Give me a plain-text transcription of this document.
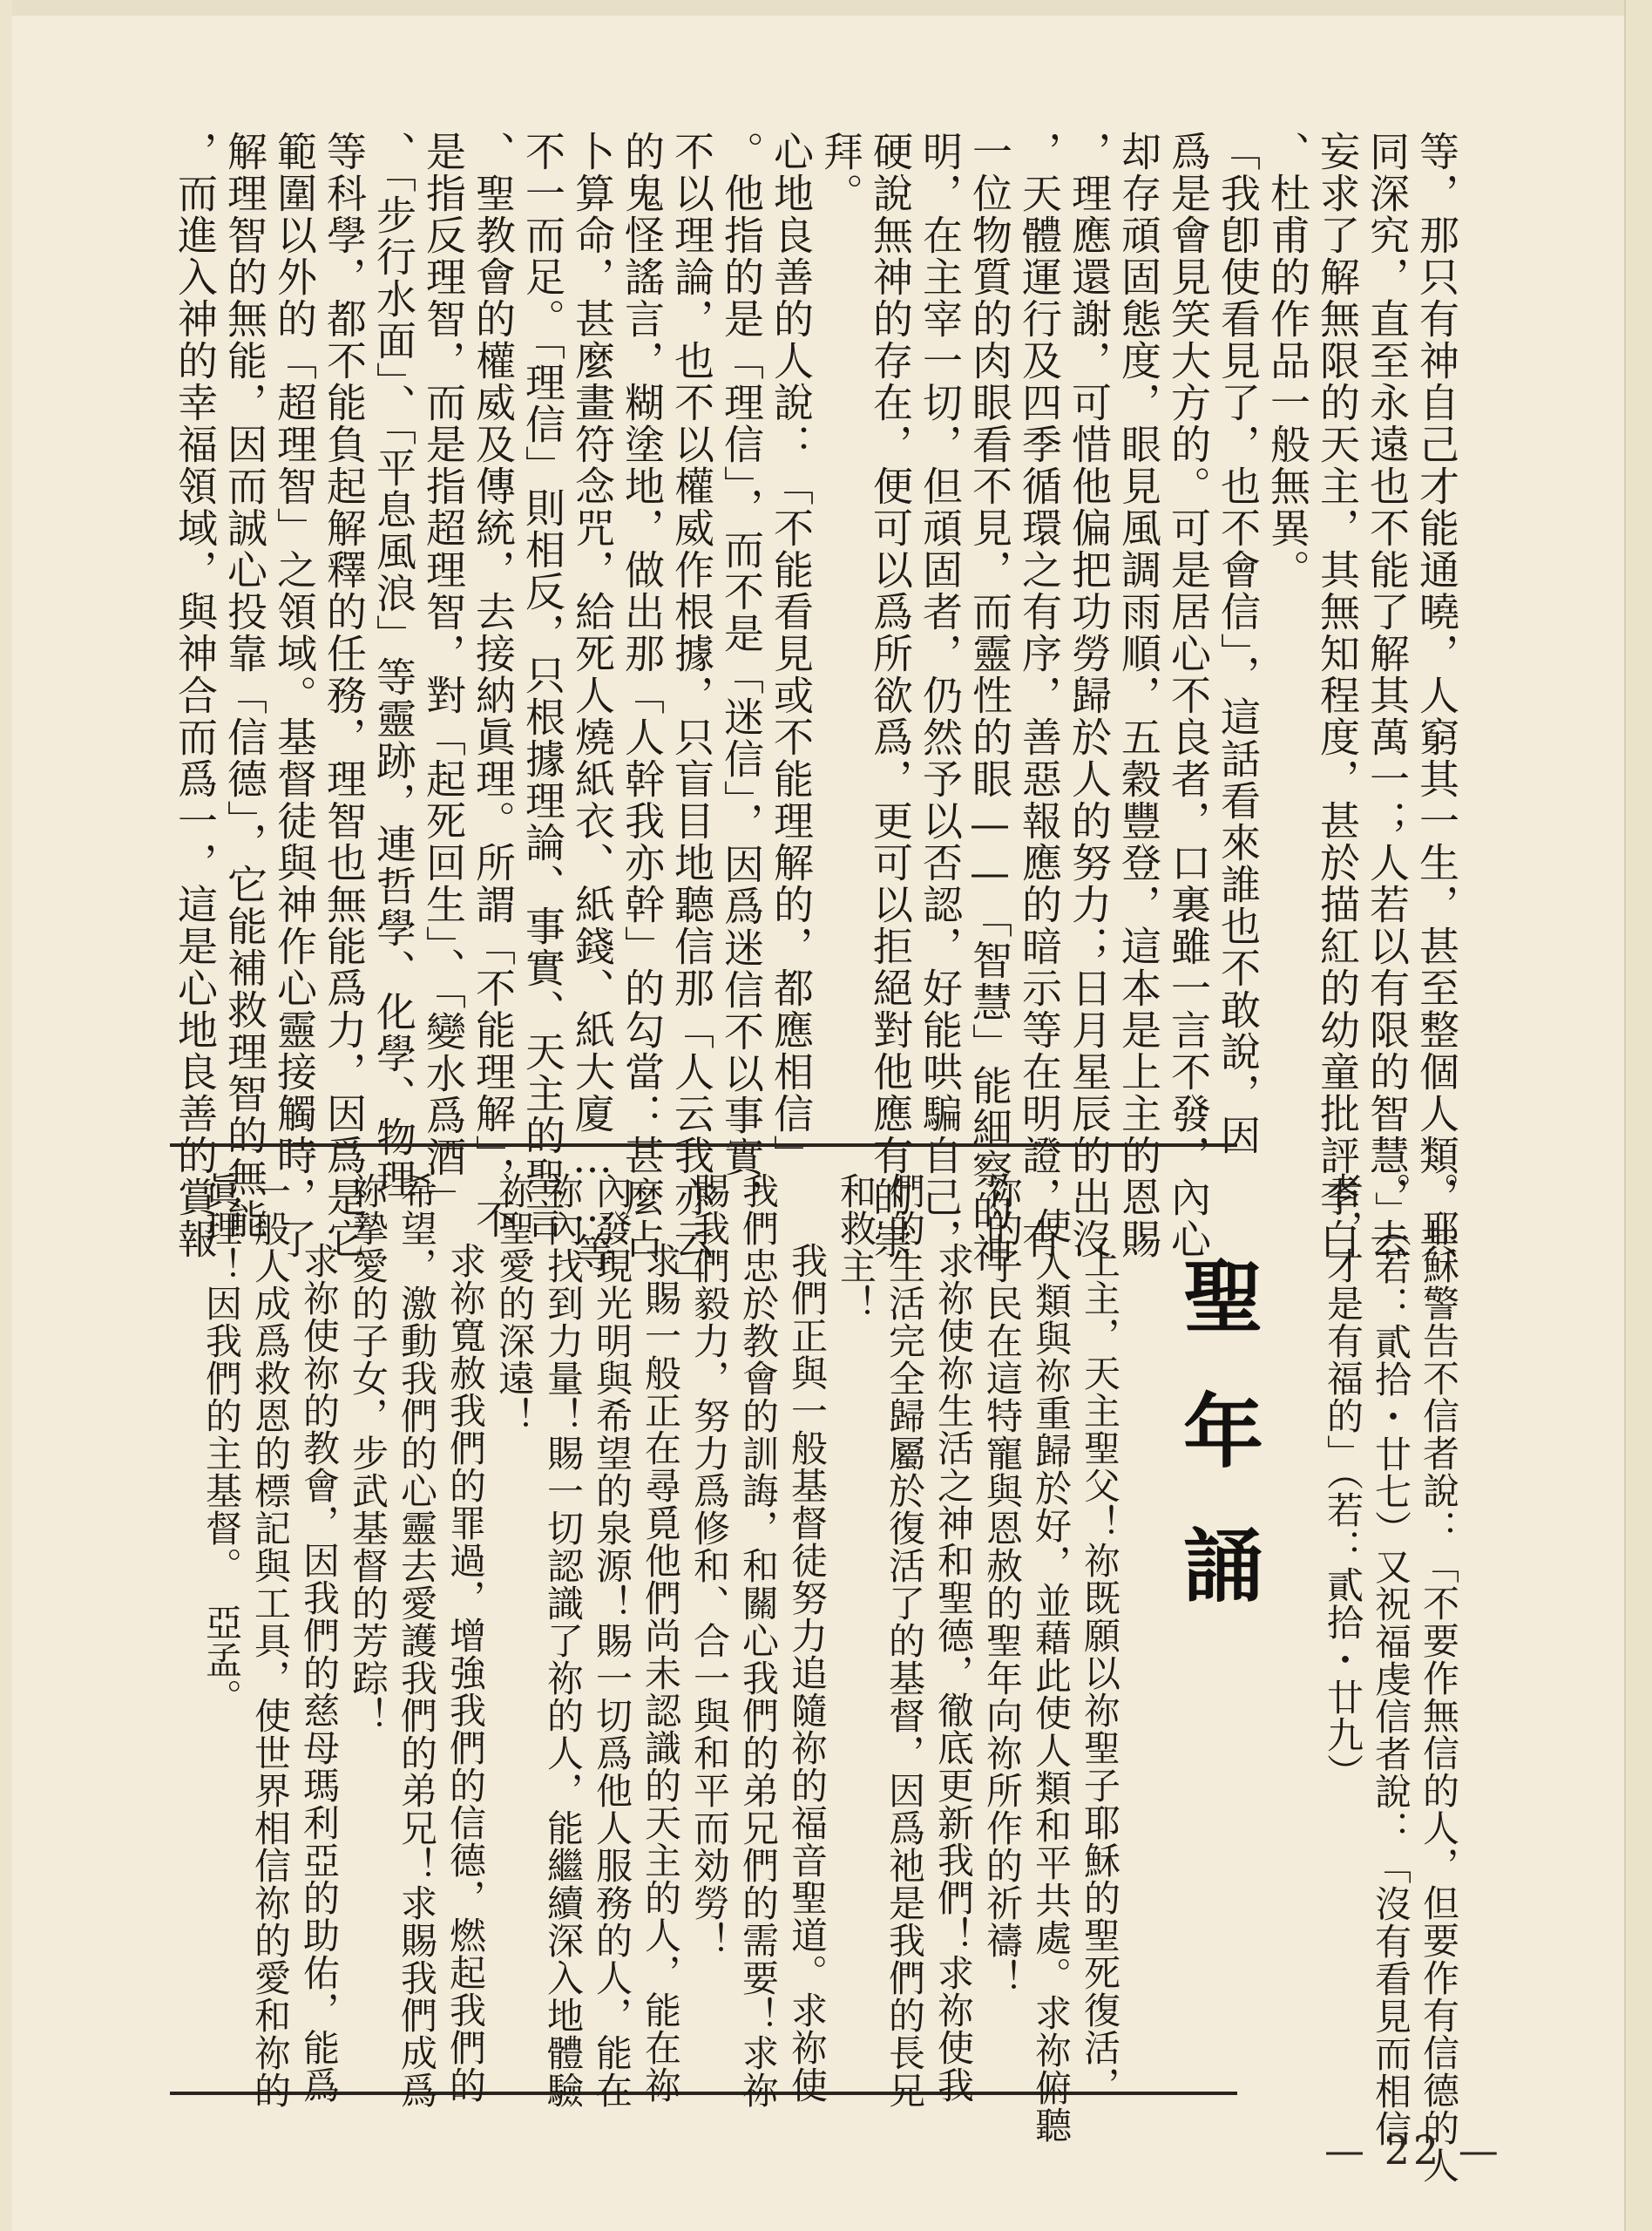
等，那只有神自己才能通曉，人窮其一生，甚至整個人類，共
同深究，直至永遠也不能了解其萬一；人若以有限的智慧，去
妄求了解無限的天主，其無知程度，甚於描紅的幼童批評李白
、杜甫的作品一般無異。
「我卽使看見了，也不會信」，這話看來誰也不敢說，因
爲是會見笑大方的。可是居心不良者，口裏雖一言不發，內心
却存頑固態度，眼見風調雨順，五穀豐登，這本是上主的恩賜
，理應還謝，可惜他偏把功勞歸於人的努力；日月星辰的出沒
，天體運行及四季循環之有序，善惡報應的暗示等在明證，有
一位物質的肉眼看不見，而靈性的眼——「智慧」能細察的神
明，在主宰一切，但頑固者，仍然予以否認，好能哄騙自己，
硬說無神的存在，便可以爲所欲爲，更可以拒絕對他應有的崇
拜。
心地良善的人說：「不能看見或不能理解的，都應相信」
。他指的是「理信」，而不是「迷信」，因爲迷信不以事實，
不以理論，也不以權威作根據，只盲目地聽信那「人云我亦云」
的鬼怪謠言，糊塗地，做出那「人幹我亦幹」的勾當：甚麼占
卜算命，甚麼畫符念咒，給死人燒紙衣、紙錢、紙大廈……等
不一而足。「理信」則相反，只根據理論、事實、天主的聖言
、聖教會的權威及傳統，去接納眞理。所謂「不能理解」，不
是指反理智，而是指超理智，對「起死回生」、「變水爲酒」
、「步行水面」、「平息風浪」等靈跡，連哲學、化學、物理
等科學，都不能負起解釋的任務，理智也無能爲力，因爲是它
範圍以外的「超理智」之領域。基督徒與神作心靈接觸時，了
解理智的無能，因而誠心投靠「信德」，它能補救理智的無能
，而進入神的幸福領域，與神合而爲一，這是心地良善的賞報
。耶穌警告不信者說：「不要作無信的人，但要作有信德的人
。」（若：貳拾・廿七）又祝福虔信者說：「沒有看見而相信
者，才是有福的」（若：貳拾・廿九）
聖年誦
上主，天主聖父！祢既願以祢聖子耶穌的聖死復活，
使人類與祢重歸於好，並藉此使人類和平共處。求祢俯聽
祢的子民在這特寵與恩赦的聖年向祢所作的祈禱！
求祢使祢生活之神和聖德，徹底更新我們！求祢使我
們的生活完全歸屬於復活了的基督，因爲祂是我們的長兄
和救主！
我們正與一般基督徒努力追隨祢的福音聖道。求祢使
我們忠於教會的訓誨，和關心我們的弟兄們的需要！求祢
賜我們毅力，努力爲修和、合一與和平而効勞！
求賜一般正在尋覓他們尚未認識的天主的人，能在祢
內發現光明與希望的泉源！賜一切爲他人服務的人，能在
祢內找到力量！賜一切認識了祢的人，能繼續深入地體驗
祢聖愛的深遠！
求祢寬赦我們的罪過，增強我們的信德，燃起我們的
希望，激動我們的心靈去愛護我們的弟兄！求賜我們成爲
祢摯愛的子女，步武基督的芳踪！
求祢使祢的教會，因我們的慈母瑪利亞的助佑，能爲
一般人成爲救恩的標記與工具，使世界相信祢的愛和祢的
眞理！因我們的主基督。　亞孟。
— 22 —
